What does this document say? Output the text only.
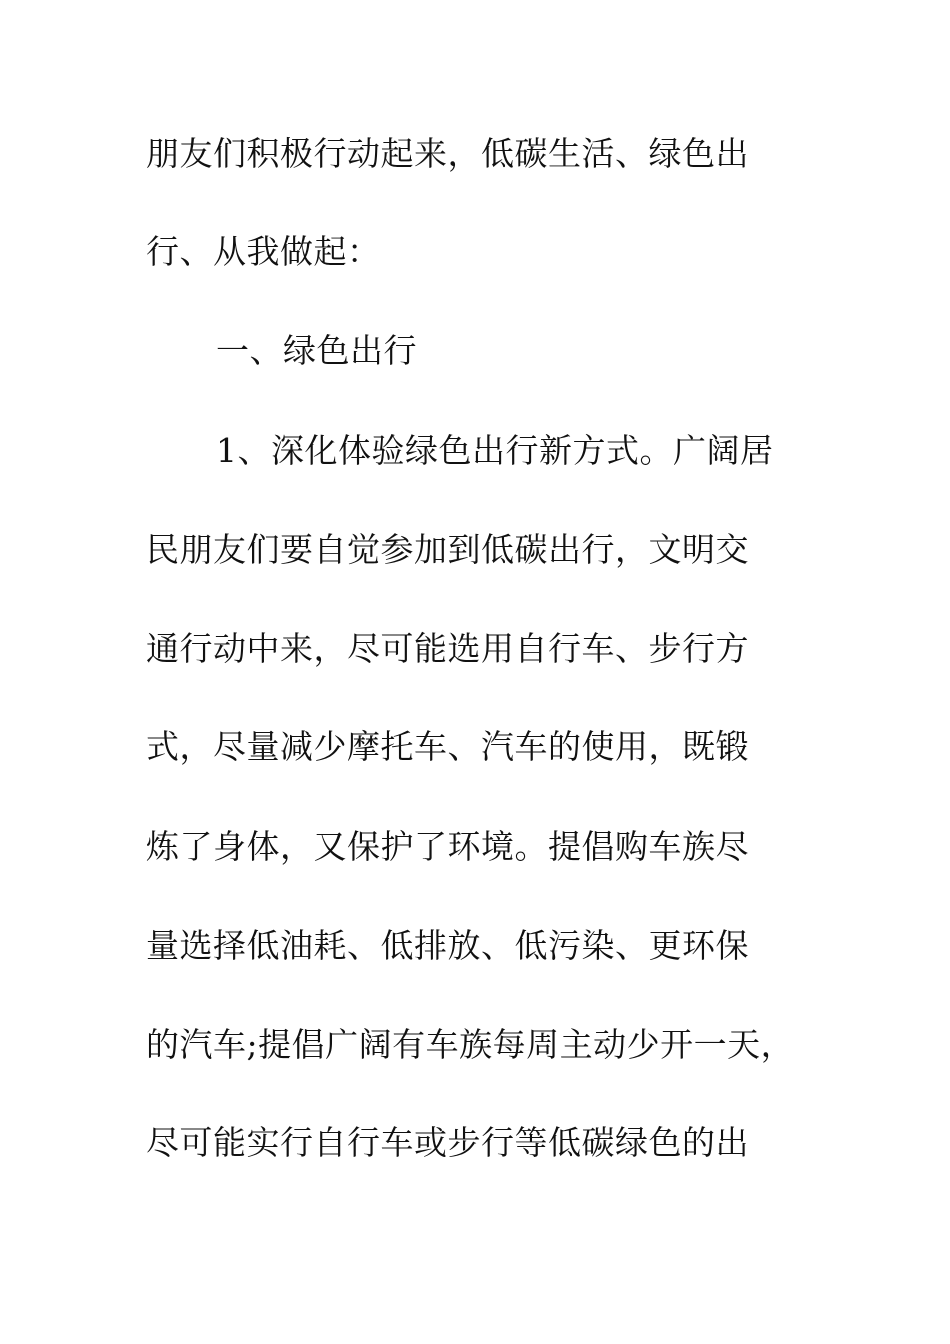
朋友们积极行动起来，低碳生活、绿色出
行、从我做起：
一、绿色出行
1、深化体验绿色出行新方式。广阔居
民朋友们要自觉参加到低碳出行，文明交
通行动中来，尽可能选用自行车、步行方
式，尽量减少摩托车、汽车的使用，既锻
炼了身体，又保护了环境。提倡购车族尽
量选择低油耗、低排放、低污染、更环保
的汽车;提倡广阔有车族每周主动少开一天，
尽可能实行自行车或步行等低碳绿色的出
